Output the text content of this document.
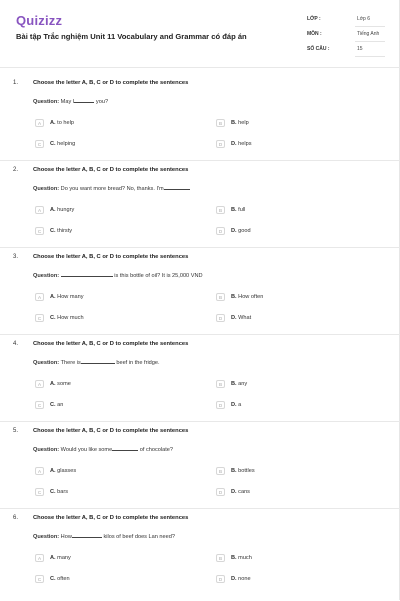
Quizizz
Bài tập Trắc nghiệm Unit 11 Vocabulary and Grammar có đáp án
LỚP :	Lớp 6
MÔN :	Tiếng Anh
SỐ CÂU :	15
1.	Choose the letter A, B, C or D to complete the sentences
Question: May I	you?
A	A. to help	B	B. help
C	C. helping	D	D. helps
2.	Choose the letter A, B, C or D to complete the sentences
Question: Do you want more bread? No, thanks. I'm
A	A. hungry	B	B. full
C	C. thirsty	D	D. good
3.	Choose the letter A, B, C or D to complete the sentences
Question:	is this bottle of oil? It is 25,000 VND
A	A. How many	B	B. How often
C	C. How much	D	D. What
4.	Choose the letter A, B, C or D to complete the sentences
Question: There is	beef in the fridge.
A	A. some	B	B. any
C	C. an	D	D. a
5.	Choose the letter A, B, C or D to complete the sentences
Question: Would you like some	of chocolate?
A	A. glasses	B	B. bottles
C	C. bars	D	D. cans
6.	Choose the letter A, B, C or D to complete the sentences
Question: How	kilos of beef does Lan need?
A	A. many	B	B. much
C	C. often	D	D. none
